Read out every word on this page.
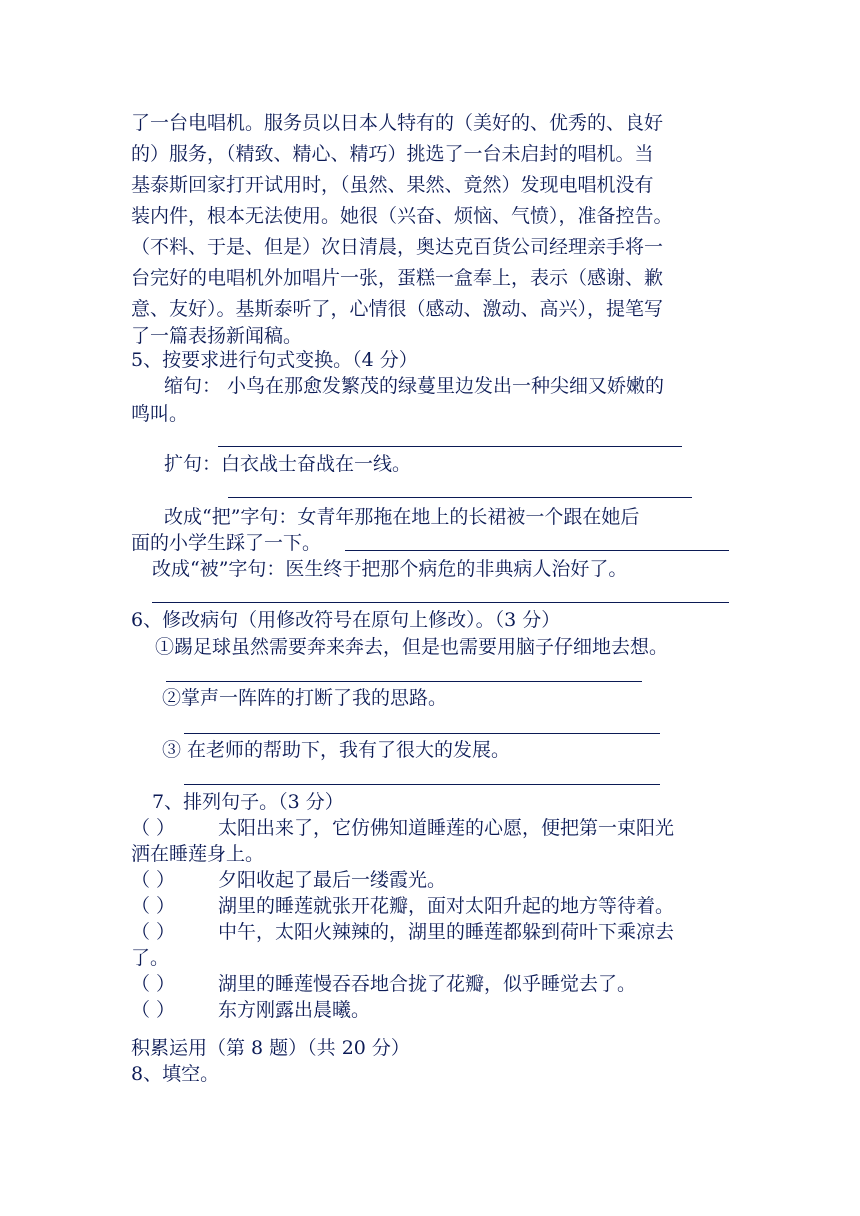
了一台电唱机。服务员以日本人特有的（美好的、优秀的、良好
的）服务，（精致、精心、精巧）挑选了一台未启封的唱机。当
基泰斯回家打开试用时，（虽然、果然、竟然）发现电唱机没有
装内件，根本无法使用。她很（兴奋、烦恼、气愤），准备控告。
（不料、于是、但是）次日清晨，奥达克百货公司经理亲手将一
台完好的电唱机外加唱片一张，蛋糕一盒奉上，表示（感谢、歉
意、友好）。基斯泰听了，心情很（感动、激动、高兴），提笔写
了一篇表扬新闻稿。
5、按要求进行句式变换。（4 分）
缩句： 小鸟在那愈发繁茂的绿蔓里边发出一种尖细又娇嫩的
鸣叫。
扩句：白衣战士奋战在一线。
改成“把”字句：女青年那拖在地上的长裙被一个跟在她后
面的小学生踩了一下。
改成“被”字句：医生终于把那个病危的非典病人治好了。
6、修改病句（用修改符号在原句上修改）。（3 分）
①踢足球虽然需要奔来奔去，但是也需要用脑子仔细地去想。
②掌声一阵阵的打断了我的思路。
③ 在老师的帮助下，我有了很大的发展。
7、排列句子。（3 分）
（ ） 太阳出来了，它仿佛知道睡莲的心愿，便把第一束阳光
洒在睡莲身上。
（ ） 夕阳收起了最后一缕霞光。
（ ） 湖里的睡莲就张开花瓣，面对太阳升起的地方等待着。
（ ） 中午，太阳火辣辣的，湖里的睡莲都躲到荷叶下乘凉去
了。
（ ） 湖里的睡莲慢吞吞地合拢了花瓣，似乎睡觉去了。
（ ） 东方刚露出晨曦。
积累运用（第 8 题）（共 20 分）
8、填空。
